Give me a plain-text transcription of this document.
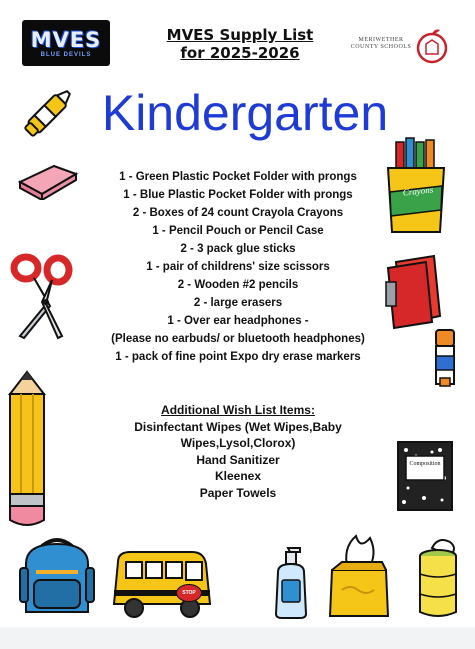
MVES
BLUE DEVILS
MVES Supply List
for 2025-2026
MERIWETHER
COUNTY SCHOOLS
Kindergarten
1 - Green Plastic Pocket Folder with prongs
1 - Blue Plastic Pocket Folder with prongs
2 - Boxes of 24 count Crayola Crayons
1 - Pencil Pouch or Pencil Case
2 - 3 pack glue sticks
1 - pair of childrens' size scissors
2 - Wooden #2 pencils
2 - large erasers
1 - Over ear headphones -
(Please no earbuds/ or bluetooth headphones)
1 - pack of fine point Expo dry erase markers
Additional Wish List Items:
Disinfectant Wipes (Wet Wipes,Baby
Wipes,Lysol,Clorox)
Hand Sanitizer
Kleenex
Paper Towels
STOP
Crayons
Composition
